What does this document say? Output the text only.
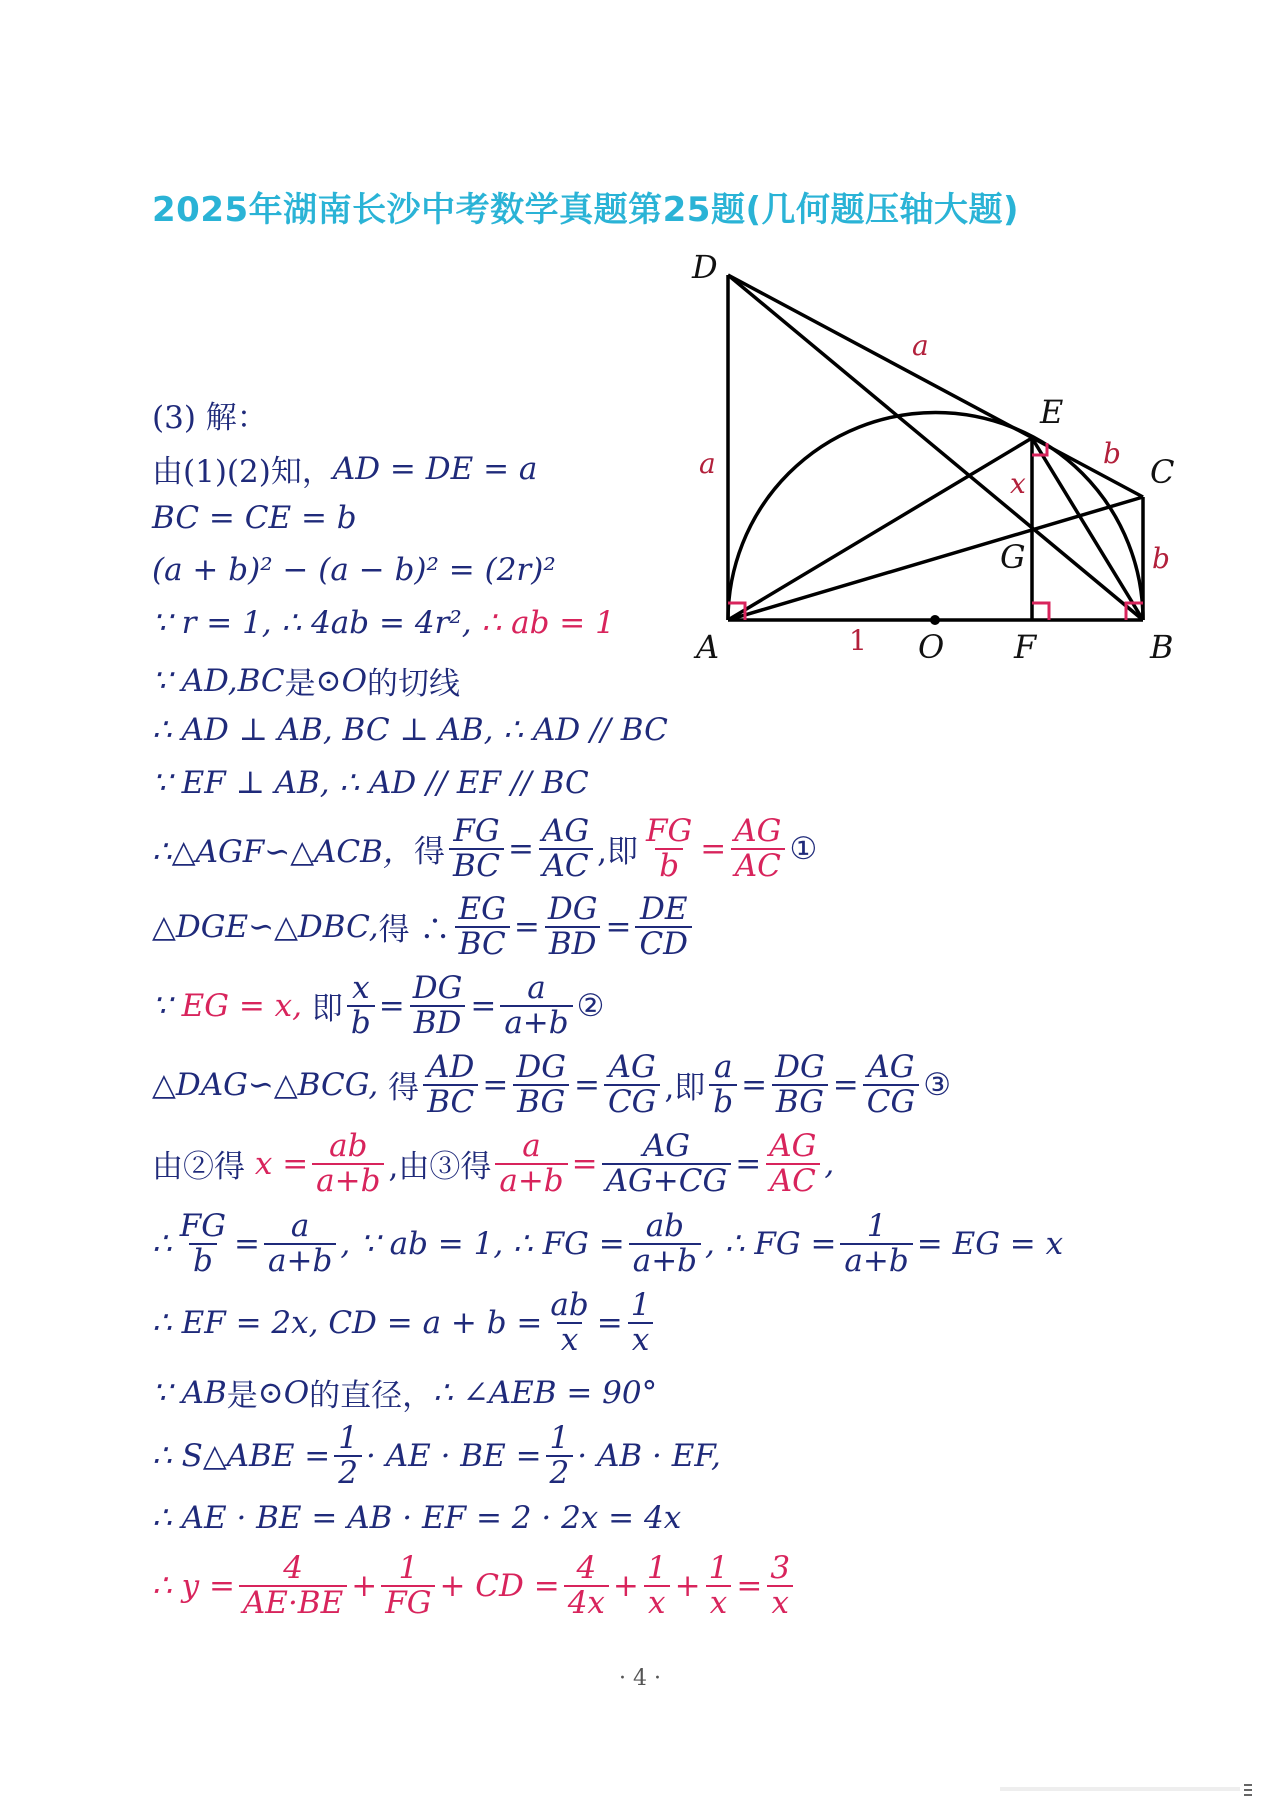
2025年湖南长沙中考数学真题第25题(几何题压轴大题)
D
A	B
C
E
F
G
O
a
a
b
b
x
1
(3) 解：
由(1)(2)知， AD = DE = a
BC = CE = b
(a + b)² − (a − b)² = (2r)²
∵ r = 1, ∴ 4ab = 4r²,
∴ ab = 1
∵ AD,BC 是 ⊙O 的切线
∴ AD ⊥ AB, BC ⊥ AB, ∴ AD // BC
∵ EF ⊥ AB, ∴ AD // EF // BC
∴△AGF∽△ACB， 得 $\frac{FG}{BC} = \frac{AG}{AC}$ ,即 $\frac{FG}{b} = \frac{AG}{AC}$ ①
△DGE∽△DBC, 得 ∴ $\frac{EG}{BC} = \frac{DG}{BD} = \frac{DE}{CD}$
∵
EG = x,
即 $\frac{x}{b} = \frac{DG}{BD} = \frac{a}{a+b}$ ②
△DAG∽△BCG,
得 $\frac{AD}{BC} = \frac{DG}{BG} = \frac{AG}{CG}$ ,即 $\frac{a}{b} = \frac{DG}{BG} = \frac{AG}{CG}$ ③
由②得
$x = \frac{ab}{a+b}$ ,由③得 $\frac{a}{a+b} = \frac{AG}{AG+CG} = \frac{AG}{AC}$ ,
∴ $\frac{FG}{b} = \frac{a}{a+b}$ , ∵ ab = 1, ∴ FG = $\frac{ab}{a+b}$ , ∴ FG = $\frac{1}{a+b}$ = EG = x
∴ EF = 2x, CD = $a + b = \frac{ab}{x} = \frac{1}{x}$
∵ AB 是 ⊙O 的直径， ∴ ∠AEB = 90°
∴ S△ABE = $\frac{1}{2}$ · AE · BE = $\frac{1}{2}$ · AB · EF,
∴ AE · BE = AB · EF = 2 · 2x = 4x
∴ $y = \frac{4}{AE\cdot BE} + \frac{1}{FG}$ + CD = $\frac{4}{4x} + \frac{1}{x} + \frac{1}{x} = \frac{3}{x}$
· 4 ·
